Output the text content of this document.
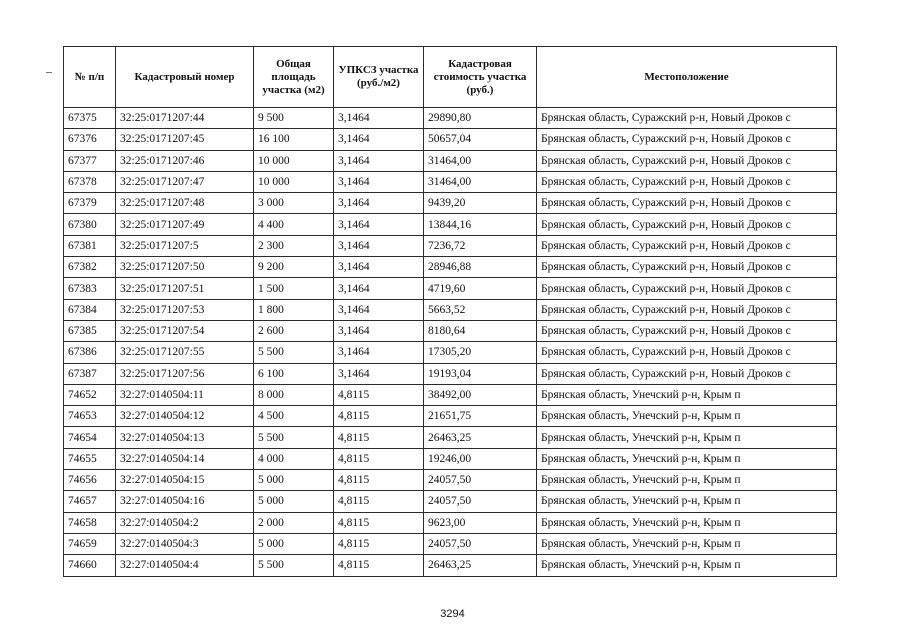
№ п/п	Кадастровый номер	Общая площадь участка (м2)	УПКСЗ участка (руб./м2)	Кадастровая стоимость участка (руб.)	Местоположение
67375	32:25:0171207:44	9 500	3,1464	29890,80	Брянская область, Суражский р-н, Новый Дроков с
67376	32:25:0171207:45	16 100	3,1464	50657,04	Брянская область, Суражский р-н, Новый Дроков с
67377	32:25:0171207:46	10 000	3,1464	31464,00	Брянская область, Суражский р-н, Новый Дроков с
67378	32:25:0171207:47	10 000	3,1464	31464,00	Брянская область, Суражский р-н, Новый Дроков с
67379	32:25:0171207:48	3 000	3,1464	9439,20	Брянская область, Суражский р-н, Новый Дроков с
67380	32:25:0171207:49	4 400	3,1464	13844,16	Брянская область, Суражский р-н, Новый Дроков с
67381	32:25:0171207:5	2 300	3,1464	7236,72	Брянская область, Суражский р-н, Новый Дроков с
67382	32:25:0171207:50	9 200	3,1464	28946,88	Брянская область, Суражский р-н, Новый Дроков с
67383	32:25:0171207:51	1 500	3,1464	4719,60	Брянская область, Суражский р-н, Новый Дроков с
67384	32:25:0171207:53	1 800	3,1464	5663,52	Брянская область, Суражский р-н, Новый Дроков с
67385	32:25:0171207:54	2 600	3,1464	8180,64	Брянская область, Суражский р-н, Новый Дроков с
67386	32:25:0171207:55	5 500	3,1464	17305,20	Брянская область, Суражский р-н, Новый Дроков с
67387	32:25:0171207:56	6 100	3,1464	19193,04	Брянская область, Суражский р-н, Новый Дроков с
74652	32:27:0140504:11	8 000	4,8115	38492,00	Брянская область, Унечский р-н, Крым п
74653	32:27:0140504:12	4 500	4,8115	21651,75	Брянская область, Унечский р-н, Крым п
74654	32:27:0140504:13	5 500	4,8115	26463,25	Брянская область, Унечский р-н, Крым п
74655	32:27:0140504:14	4 000	4,8115	19246,00	Брянская область, Унечский р-н, Крым п
74656	32:27:0140504:15	5 000	4,8115	24057,50	Брянская область, Унечский р-н, Крым п
74657	32:27:0140504:16	5 000	4,8115	24057,50	Брянская область, Унечский р-н, Крым п
74658	32:27:0140504:2	2 000	4,8115	9623,00	Брянская область, Унечский р-н, Крым п
74659	32:27:0140504:3	5 000	4,8115	24057,50	Брянская область, Унечский р-н, Крым п
74660	32:27:0140504:4	5 500	4,8115	26463,25	Брянская область, Унечский р-н, Крым п
3294
